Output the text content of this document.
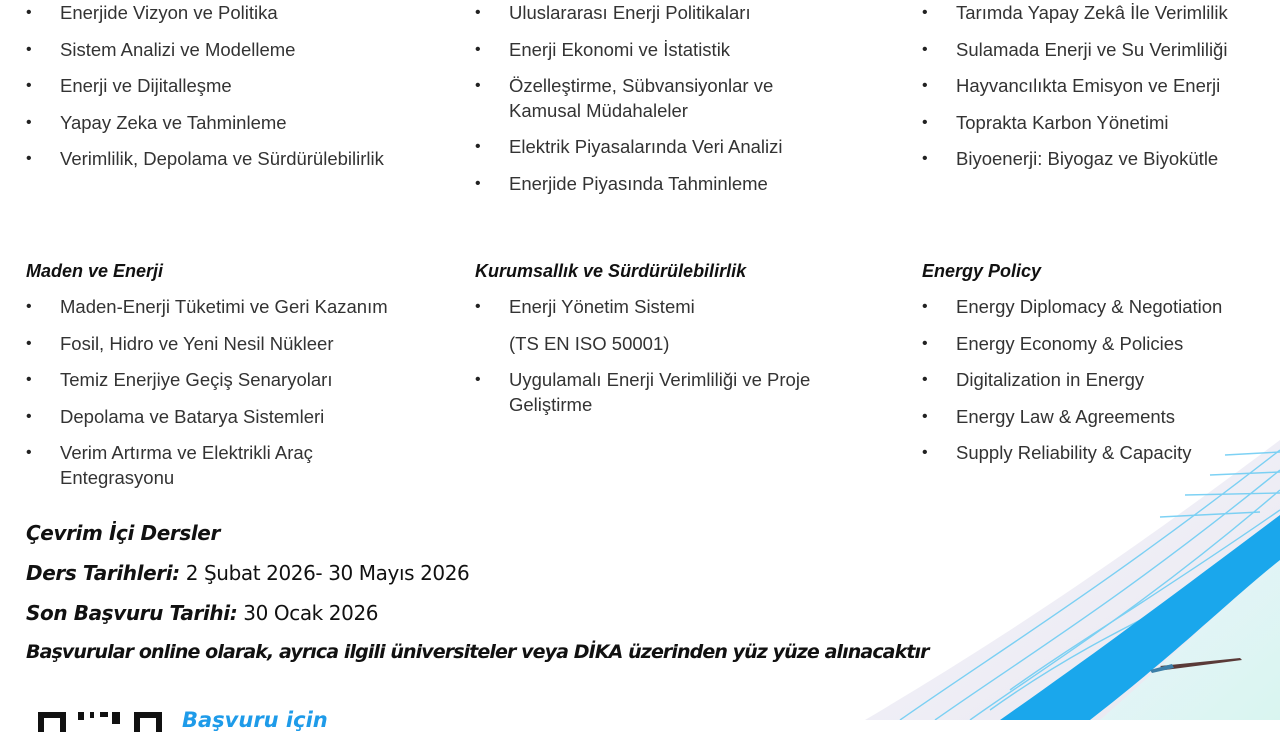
• Enerjide Vizyon ve Politika
• Sistem Analizi ve Modelleme
• Enerji ve Dijitalleşme
• Yapay Zeka ve Tahminleme
• Verimlilik, Depolama ve Sürdürülebilirlik
• Uluslararası Enerji Politikaları
• Enerji Ekonomi ve İstatistik
• Özelleştirme, Sübvansiyonlar ve Kamusal Müdahaleler
• Elektrik Piyasalarında Veri Analizi
• Enerjide Piyasında Tahminleme
• Tarımda Yapay Zekâ İle Verimlilik
• Sulamada Enerji ve Su Verimliliği
• Hayvancılıkta Emisyon ve Enerji
• Toprakta Karbon Yönetimi
• Biyoenerji: Biyogaz ve Biyokütle
Maden ve Enerji
• Maden-Enerji Tüketimi ve Geri Kazanım
• Fosil, Hidro ve Yeni Nesil Nükleer
• Temiz Enerjiye Geçiş Senaryoları
• Depolama ve Batarya Sistemleri
• Verim Artırma ve Elektrikli Araç Entegrasyonu
Kurumsallık ve Sürdürülebilirlik
• Enerji Yönetim Sistemi
(TS EN ISO 50001)
• Uygulamalı Enerji Verimliliği ve Proje Geliştirme
Energy Policy
• Energy Diplomacy & Negotiation
• Energy Economy & Policies
• Digitalization in Energy
• Energy Law & Agreements
• Supply Reliability & Capacity
Çevrim İçi Dersler
Ders Tarihleri: 2 Şubat 2026- 30 Mayıs 2026
Son Başvuru Tarihi: 30 Ocak 2026
Başvurular online olarak, ayrıca ilgili üniversiteler veya DİKA üzerinden yüz yüze alınacaktır
Başvuru için
